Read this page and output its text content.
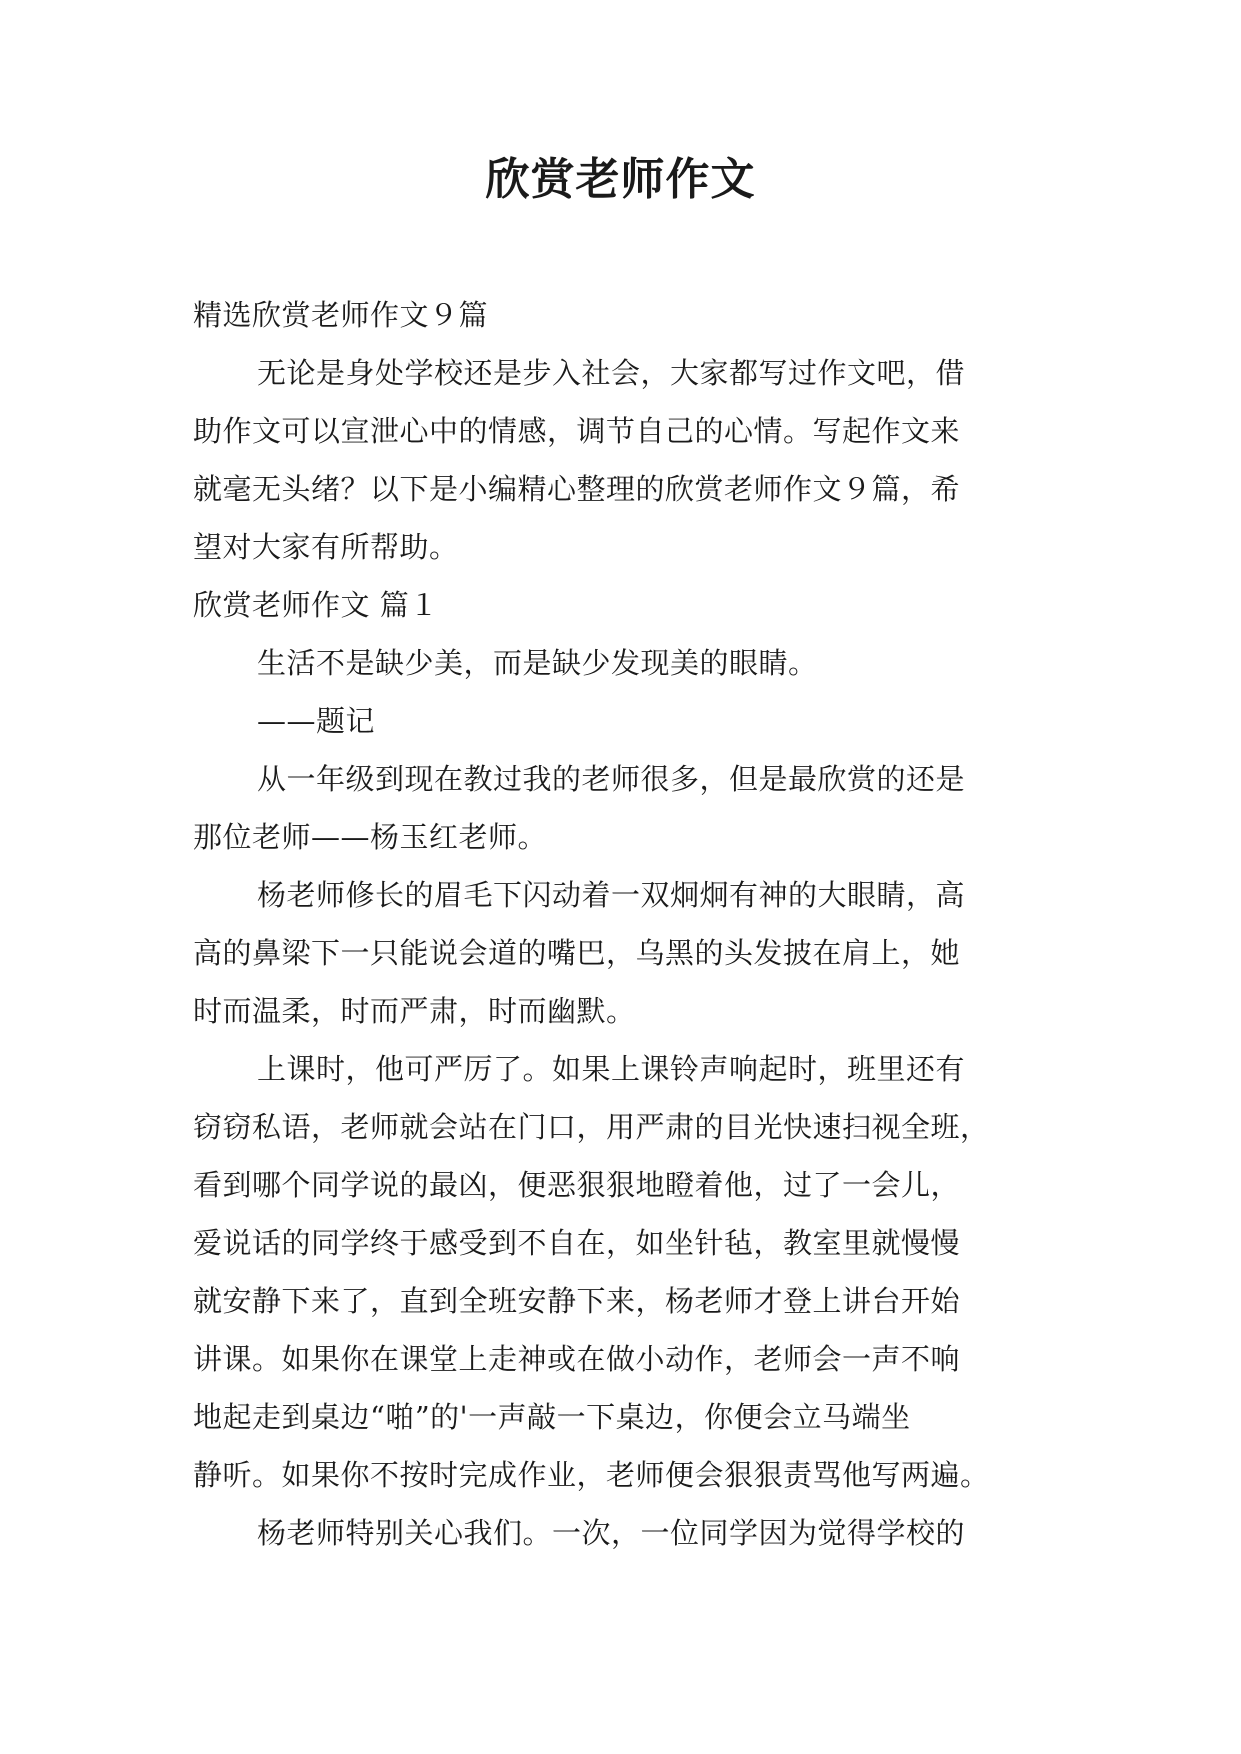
欣赏老师作文
精选欣赏老师作文９篇
无论是身处学校还是步入社会，大家都写过作文吧，借
助作文可以宣泄心中的情感，调节自己的心情。写起作文来
就毫无头绪？以下是小编精心整理的欣赏老师作文９篇，希
望对大家有所帮助。
欣赏老师作文 篇１
生活不是缺少美，而是缺少发现美的眼睛。
——题记
从一年级到现在教过我的老师很多，但是最欣赏的还是
那位老师——杨玉红老师。
杨老师修长的眉毛下闪动着一双炯炯有神的大眼睛，高
高的鼻梁下一只能说会道的嘴巴，乌黑的头发披在肩上，她
时而温柔，时而严肃，时而幽默。
上课时，他可严厉了。如果上课铃声响起时，班里还有
窃窃私语，老师就会站在门口，用严肃的目光快速扫视全班，
看到哪个同学说的最凶，便恶狠狠地瞪着他，过了一会儿，
爱说话的同学终于感受到不自在，如坐针毡，教室里就慢慢
就安静下来了，直到全班安静下来，杨老师才登上讲台开始
讲课。如果你在课堂上走神或在做小动作，老师会一声不响
地起走到桌边“啪”的'一声敲一下桌边，你便会立马端坐
静听。如果你不按时完成作业，老师便会狠狠责骂他写两遍。
杨老师特别关心我们。一次，一位同学因为觉得学校的
